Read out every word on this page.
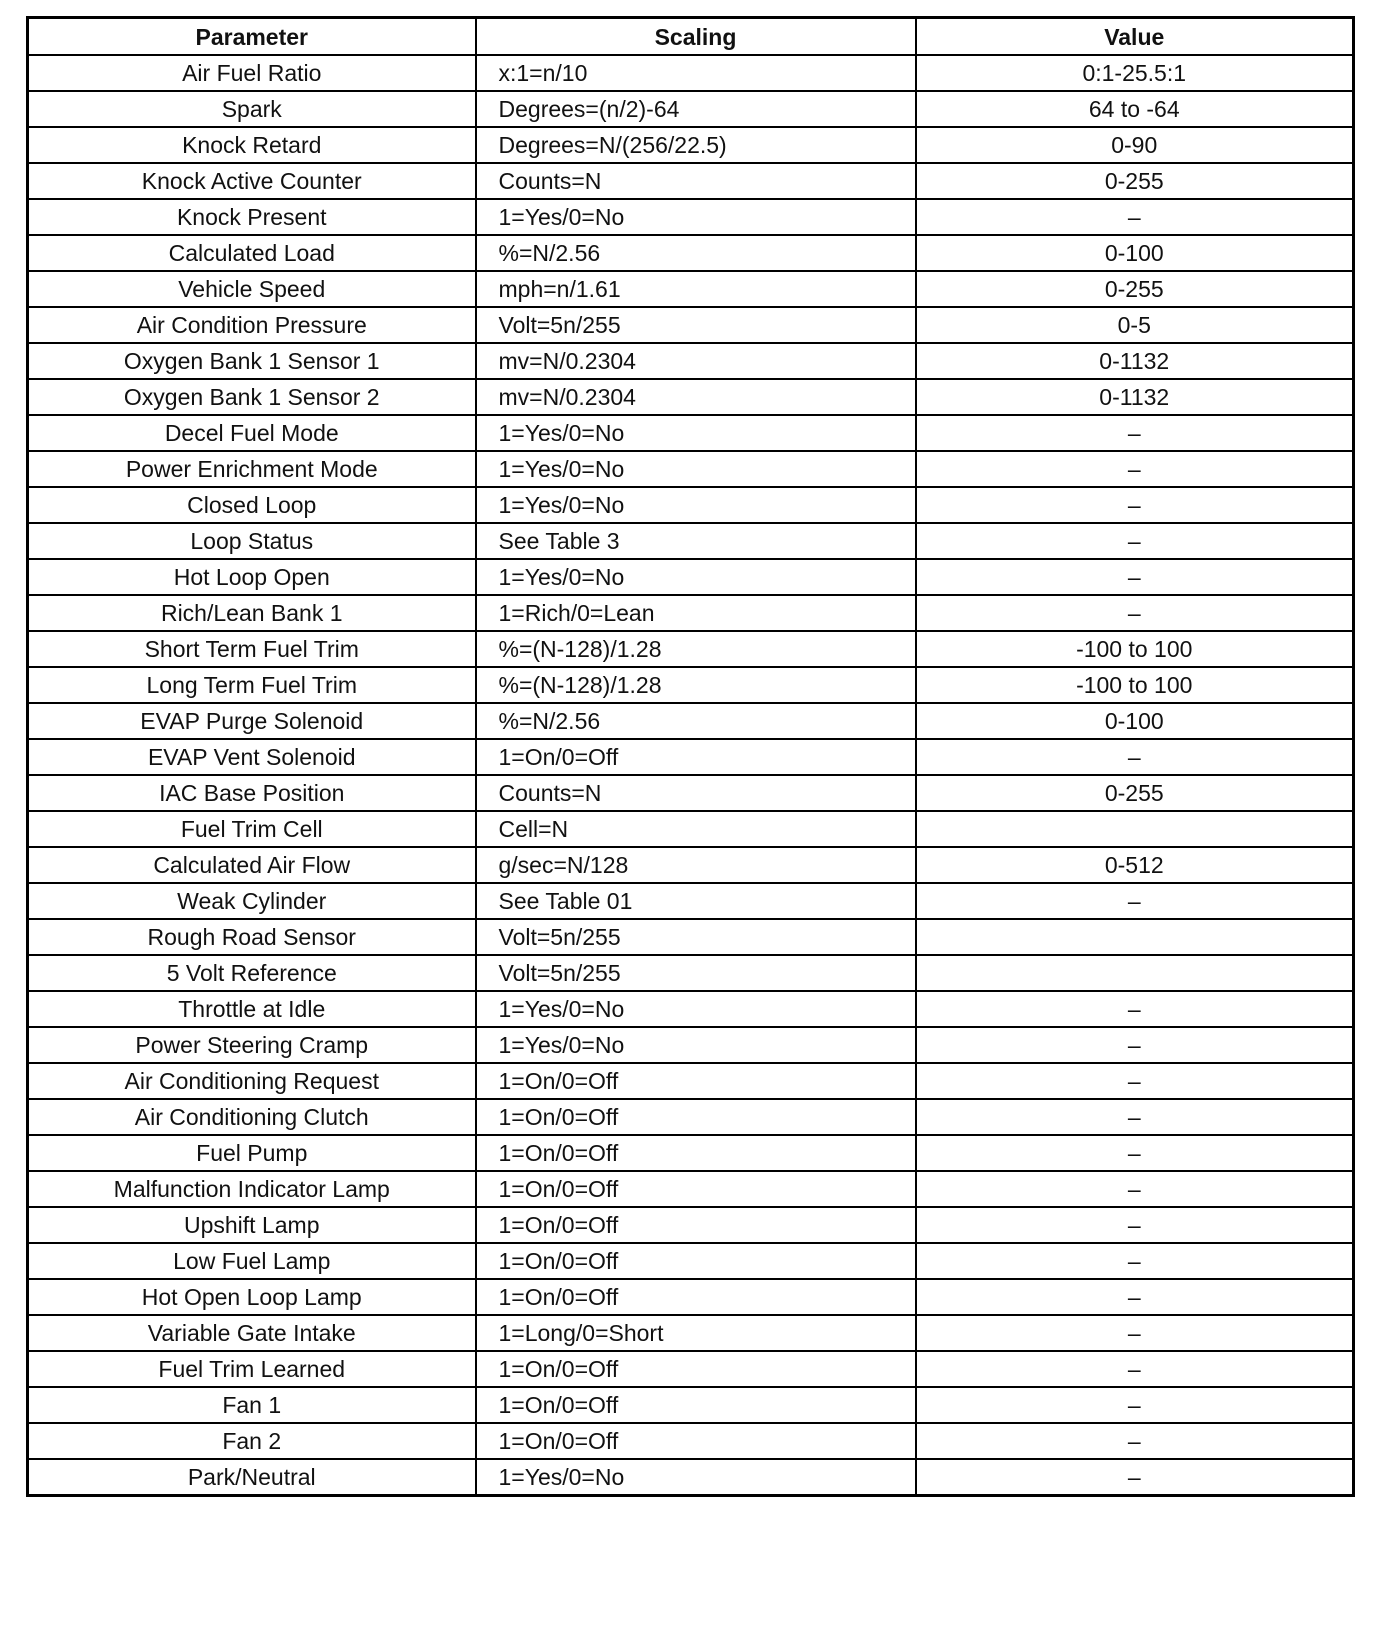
Parameter	Scaling	Value
Air Fuel Ratio	x:1=n/10	0:1-25.5:1
Spark	Degrees=(n/2)-64	64 to -64
Knock Retard	Degrees=N/(256/22.5)	0-90
Knock Active Counter	Counts=N	0-255
Knock Present	1=Yes/0=No	–
Calculated Load	%=N/2.56	0-100
Vehicle Speed	mph=n/1.61	0-255
Air Condition Pressure	Volt=5n/255	0-5
Oxygen Bank 1 Sensor 1	mv=N/0.2304	0-1132
Oxygen Bank 1 Sensor 2	mv=N/0.2304	0-1132
Decel Fuel Mode	1=Yes/0=No	–
Power Enrichment Mode	1=Yes/0=No	–
Closed Loop	1=Yes/0=No	–
Loop Status	See Table 3	–
Hot Loop Open	1=Yes/0=No	–
Rich/Lean Bank 1	1=Rich/0=Lean	–
Short Term Fuel Trim	%=(N-128)/1.28	-100 to 100
Long Term Fuel Trim	%=(N-128)/1.28	-100 to 100
EVAP Purge Solenoid	%=N/2.56	0-100
EVAP Vent Solenoid	1=On/0=Off	–
IAC Base Position	Counts=N	0-255
Fuel Trim Cell	Cell=N	
Calculated Air Flow	g/sec=N/128	0-512
Weak Cylinder	See Table 01	–
Rough Road Sensor	Volt=5n/255	
5 Volt Reference	Volt=5n/255	
Throttle at Idle	1=Yes/0=No	–
Power Steering Cramp	1=Yes/0=No	–
Air Conditioning Request	1=On/0=Off	–
Air Conditioning Clutch	1=On/0=Off	–
Fuel Pump	1=On/0=Off	–
Malfunction Indicator Lamp	1=On/0=Off	–
Upshift Lamp	1=On/0=Off	–
Low Fuel Lamp	1=On/0=Off	–
Hot Open Loop Lamp	1=On/0=Off	–
Variable Gate Intake	1=Long/0=Short	–
Fuel Trim Learned	1=On/0=Off	–
Fan 1	1=On/0=Off	–
Fan 2	1=On/0=Off	–
Park/Neutral	1=Yes/0=No	–
